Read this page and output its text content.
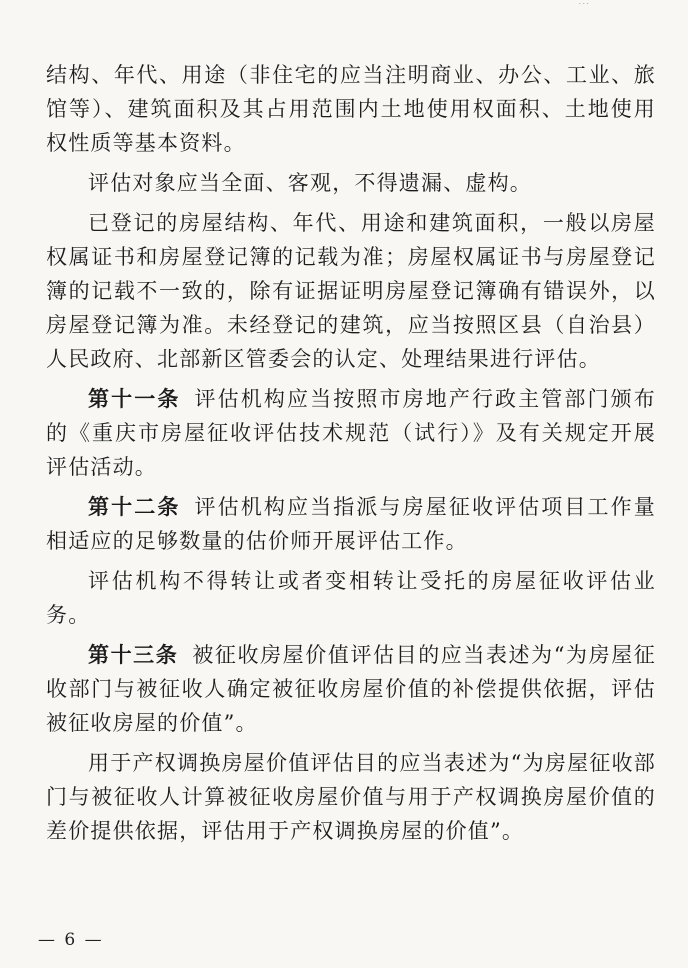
结构、年代、用途（非住宅的应当注明商业、办公、工业、旅馆等）、建筑面积及其占用范围内土地使用权面积、土地使用权性质等基本资料。

评估对象应当全面、客观，不得遗漏、虚构。

已登记的房屋结构、年代、用途和建筑面积，一般以房屋权属证书和房屋登记簿的记载为准；房屋权属证书与房屋登记簿的记载不一致的，除有证据证明房屋登记簿确有错误外，以房屋登记簿为准。未经登记的建筑，应当按照区县（自治县）人民政府、北部新区管委会的认定、处理结果进行评估。

第十一条 评估机构应当按照市房地产行政主管部门颁布的《重庆市房屋征收评估技术规范（试行）》及有关规定开展评估活动。

第十二条 评估机构应当指派与房屋征收评估项目工作量相适应的足够数量的估价师开展评估工作。

评估机构不得转让或者变相转让受托的房屋征收评估业务。

第十三条 被征收房屋价值评估目的应当表述为“为房屋征收部门与被征收人确定被征收房屋价值的补偿提供依据，评估被征收房屋的价值”。

用于产权调换房屋价值评估目的应当表述为“为房屋征收部门与被征收人计算被征收房屋价值与用于产权调换房屋价值的差价提供依据，评估用于产权调换房屋的价值”。

— 6 —
